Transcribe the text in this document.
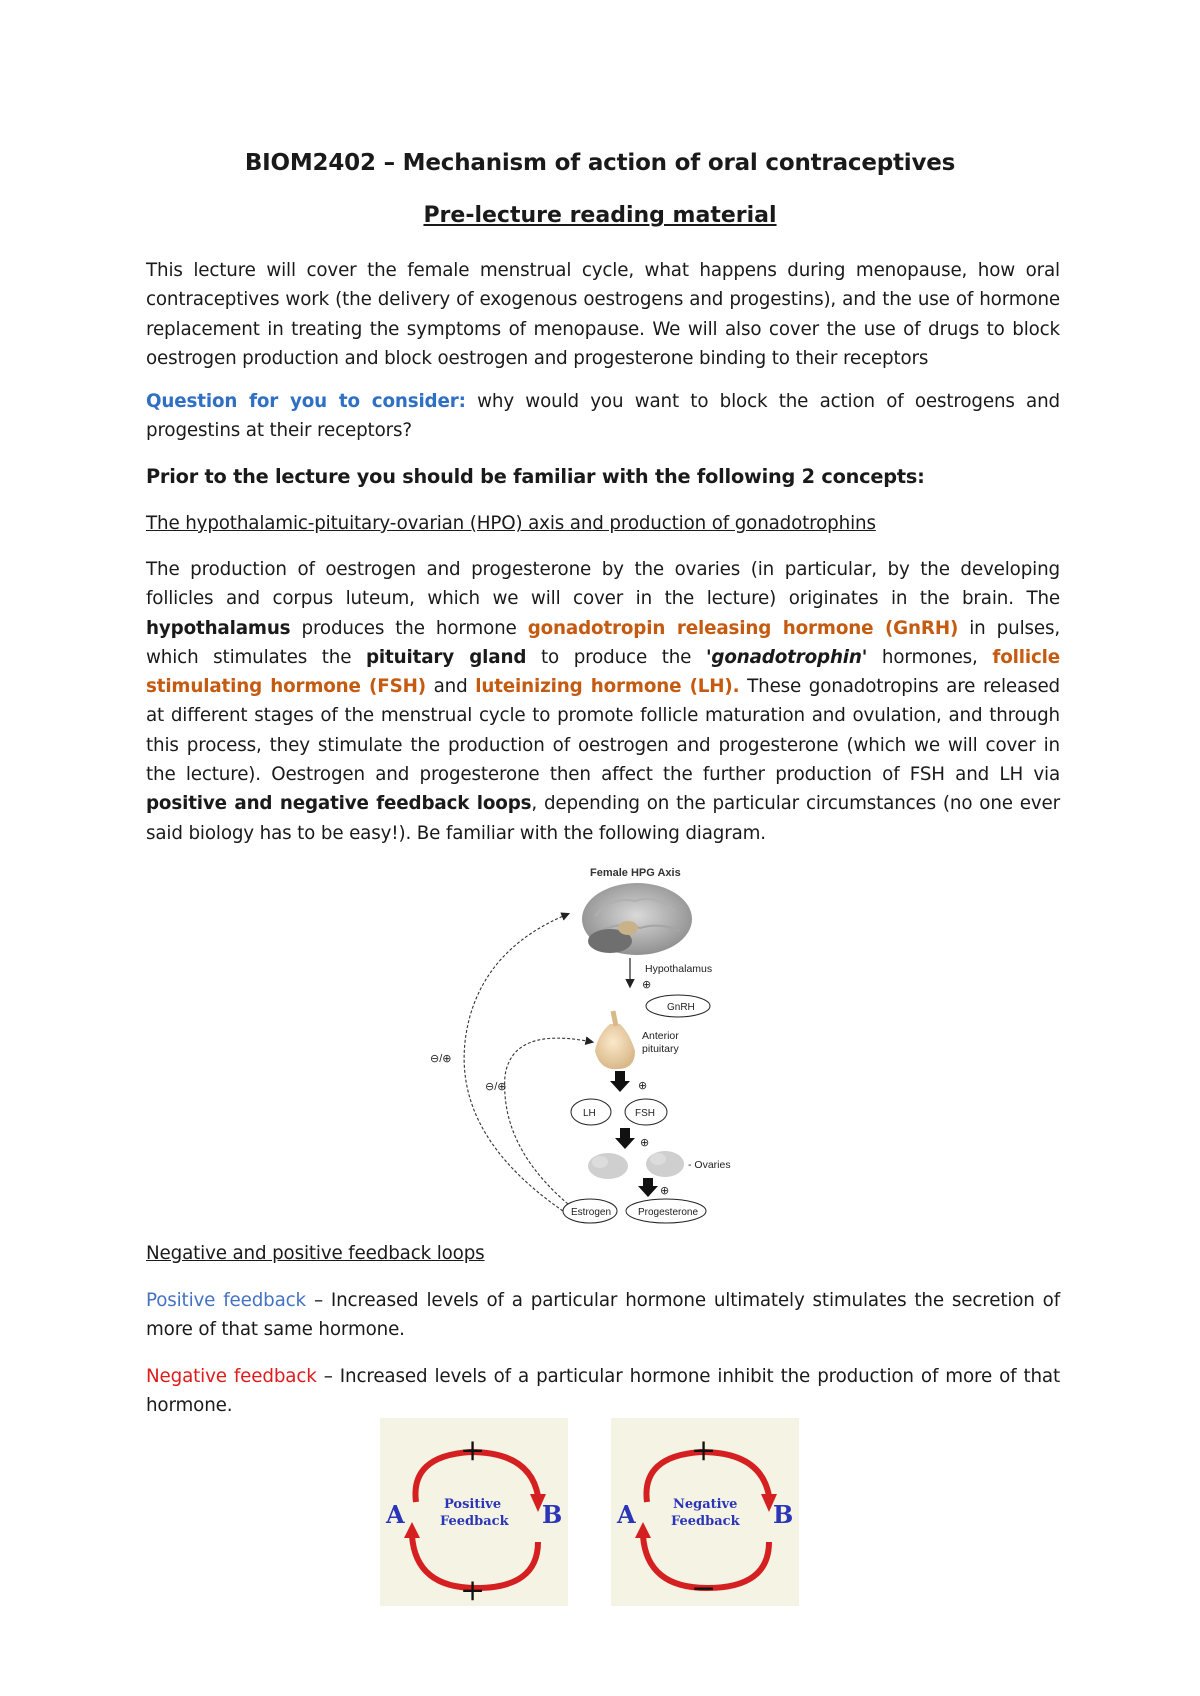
BIOM2402 – Mechanism of action of oral contraceptives
Pre-lecture reading material

This lecture will cover the female menstrual cycle, what happens during menopause, how oral contraceptives work (the delivery of exogenous oestrogens and progestins), and the use of hormone replacement in treating the symptoms of menopause. We will also cover the use of drugs to block oestrogen production and block oestrogen and progesterone binding to their receptors

Question for you to consider: why would you want to block the action of oestrogens and progestins at their receptors?

Prior to the lecture you should be familiar with the following 2 concepts:

The hypothalamic-pituitary-ovarian (HPO) axis and production of gonadotrophins

The production of oestrogen and progesterone by the ovaries (in particular, by the developing follicles and corpus luteum, which we will cover in the lecture) originates in the brain. The hypothalamus produces the hormone gonadotropin releasing hormone (GnRH) in pulses, which stimulates the pituitary gland to produce the 'gonadotrophin' hormones, follicle stimulating hormone (FSH) and luteinizing hormone (LH). These gonadotropins are released at different stages of the menstrual cycle to promote follicle maturation and ovulation, and through this process, they stimulate the production of oestrogen and progesterone (which we will cover in the lecture). Oestrogen and progesterone then affect the further production of FSH and LH via positive and negative feedback loops, depending on the particular circumstances (no one ever said biology has to be easy!). Be familiar with the following diagram.

Female HPG Axis
Hypothalamus
⊕
GnRH
Anterior
pituitary
⊕
LH	FSH
⊕
- Ovaries
⊕
Estrogen	Progesterone
⊖/⊕
⊖/⊕

Negative and positive feedback loops

Positive feedback – Increased levels of a particular hormone ultimately stimulates the secretion of more of that same hormone.

Negative feedback – Increased levels of a particular hormone inhibit the production of more of that hormone.

+
+
A	B
Positive
Feedback
+
−
A	B
Negative
Feedback
